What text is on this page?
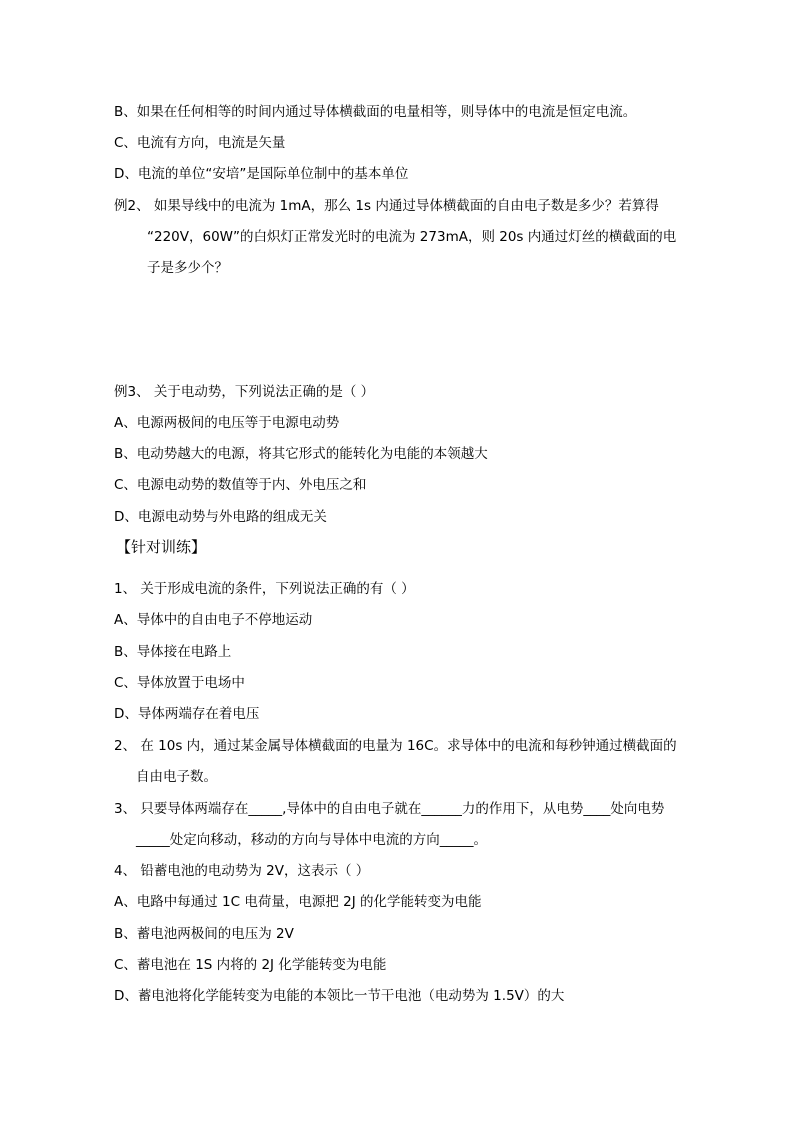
B、如果在任何相等的时间内通过导体横截面的电量相等，则导体中的电流是恒定电流。
C、电流有方向，电流是矢量
D、电流的单位“安培”是国际单位制中的基本单位
例2、 如果导线中的电流为 1mA，那么 1s 内通过导体横截面的自由电子数是多少？若算得
“220V，60W”的白炽灯正常发光时的电流为 273mA，则 20s 内通过灯丝的横截面的电
子是多少个？
例3、 关于电动势，下列说法正确的是（ ）
A、电源两极间的电压等于电源电动势
B、电动势越大的电源，将其它形式的能转化为电能的本领越大
C、电源电动势的数值等于内、外电压之和
D、电源电动势与外电路的组成无关
【针对训练】
1、 关于形成电流的条件，下列说法正确的有（ ）
A、导体中的自由电子不停地运动
B、导体接在电路上
C、导体放置于电场中
D、导体两端存在着电压
2、 在 10s 内，通过某金属导体横截面的电量为 16C。求导体中的电流和每秒钟通过横截面的
自由电子数。
3、 只要导体两端存在_____,导体中的自由电子就在______力的作用下，从电势____处向电势
_____处定向移动，移动的方向与导体中电流的方向_____。
4、 铅蓄电池的电动势为 2V，这表示（ ）
A、电路中每通过 1C 电荷量，电源把 2J 的化学能转变为电能
B、蓄电池两极间的电压为 2V
C、蓄电池在 1S 内将的 2J 化学能转变为电能
D、蓄电池将化学能转变为电能的本领比一节干电池（电动势为 1.5V）的大
